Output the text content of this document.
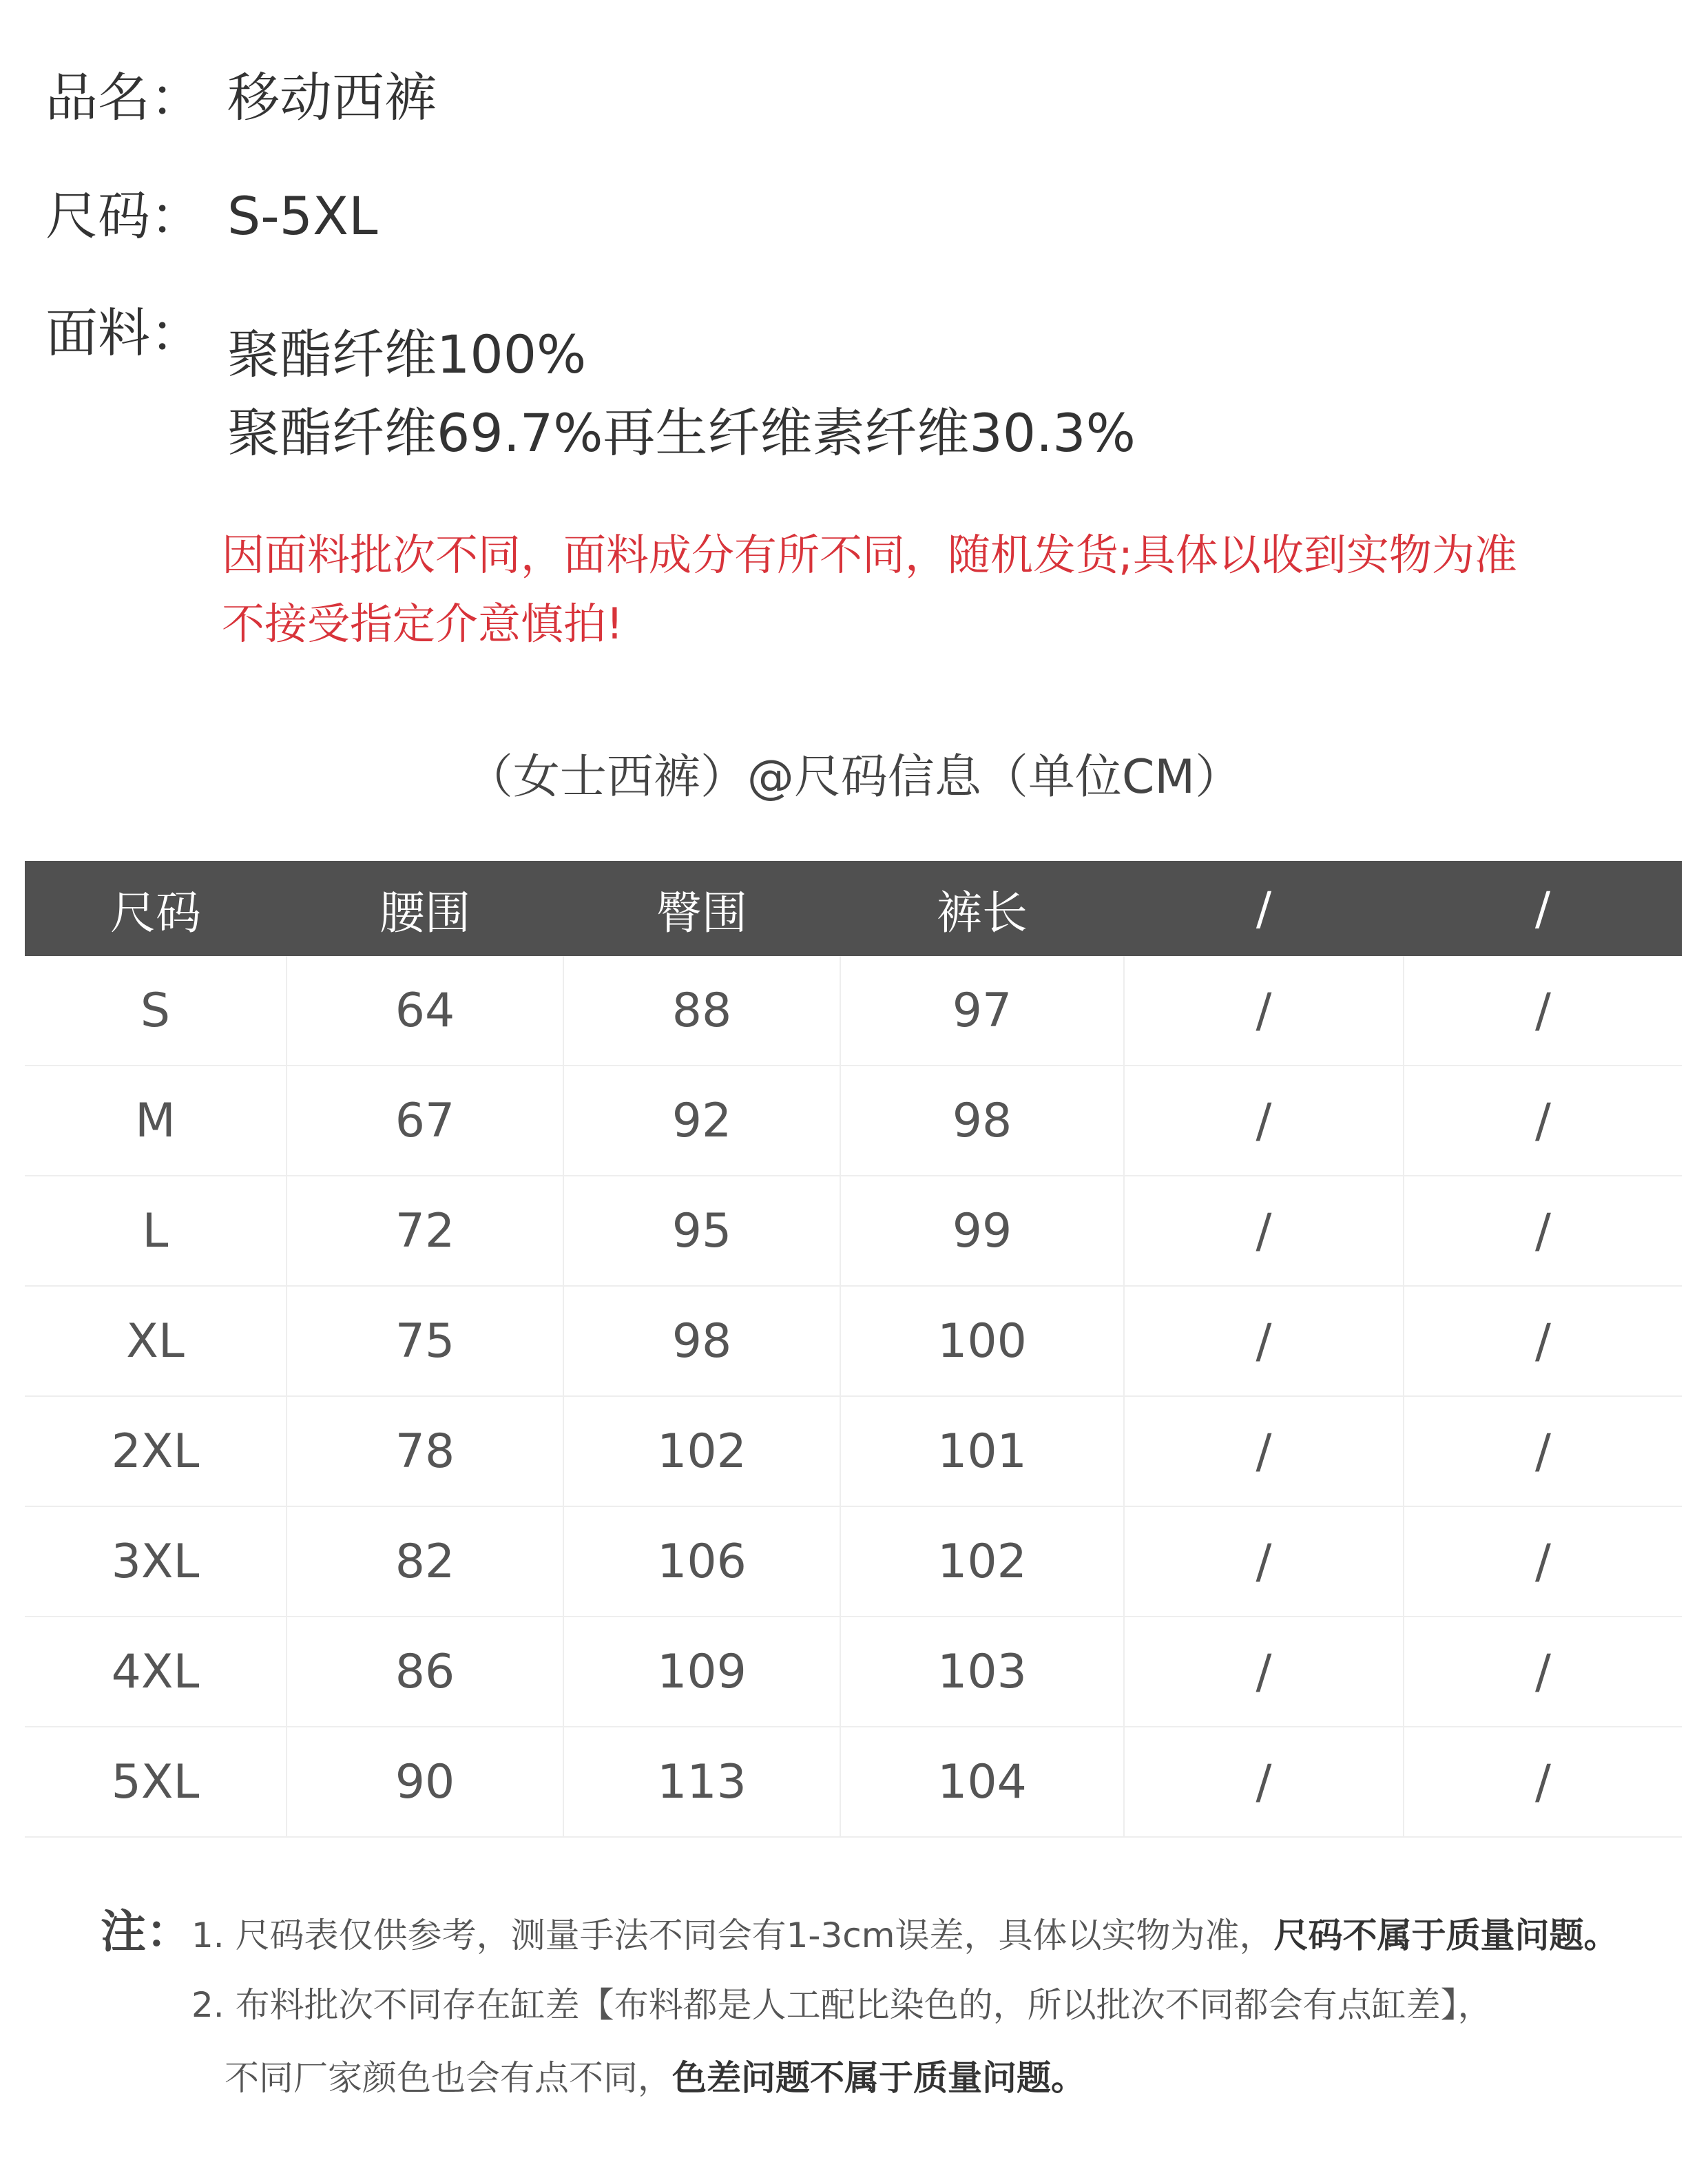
品名： 移动西裤
尺码： S-5XL
面料： 聚酯纤维100%
聚酯纤维69.7%再生纤维素纤维30.3%
因面料批次不同，面料成分有所不同，随机发货;具体以收到实物为准
不接受指定介意慎拍!
（女士西裤）@尺码信息（单位CM）
尺码	腰围	臀围	裤长	/	/
S	64	88	97	/	/
M	67	92	98	/	/
L	72	95	99	/	/
XL	75	98	100	/	/
2XL	78	102	101	/	/
3XL	82	106	102	/	/
4XL	86	109	103	/	/
5XL	90	113	104	/	/
注：1. 尺码表仅供参考，测量手法不同会有1-3cm误差，具体以实物为准，尺码不属于质量问题。
2. 布料批次不同存在缸差【布料都是人工配比染色的，所以批次不同都会有点缸差】，
不同厂家颜色也会有点不同，色差问题不属于质量问题。
